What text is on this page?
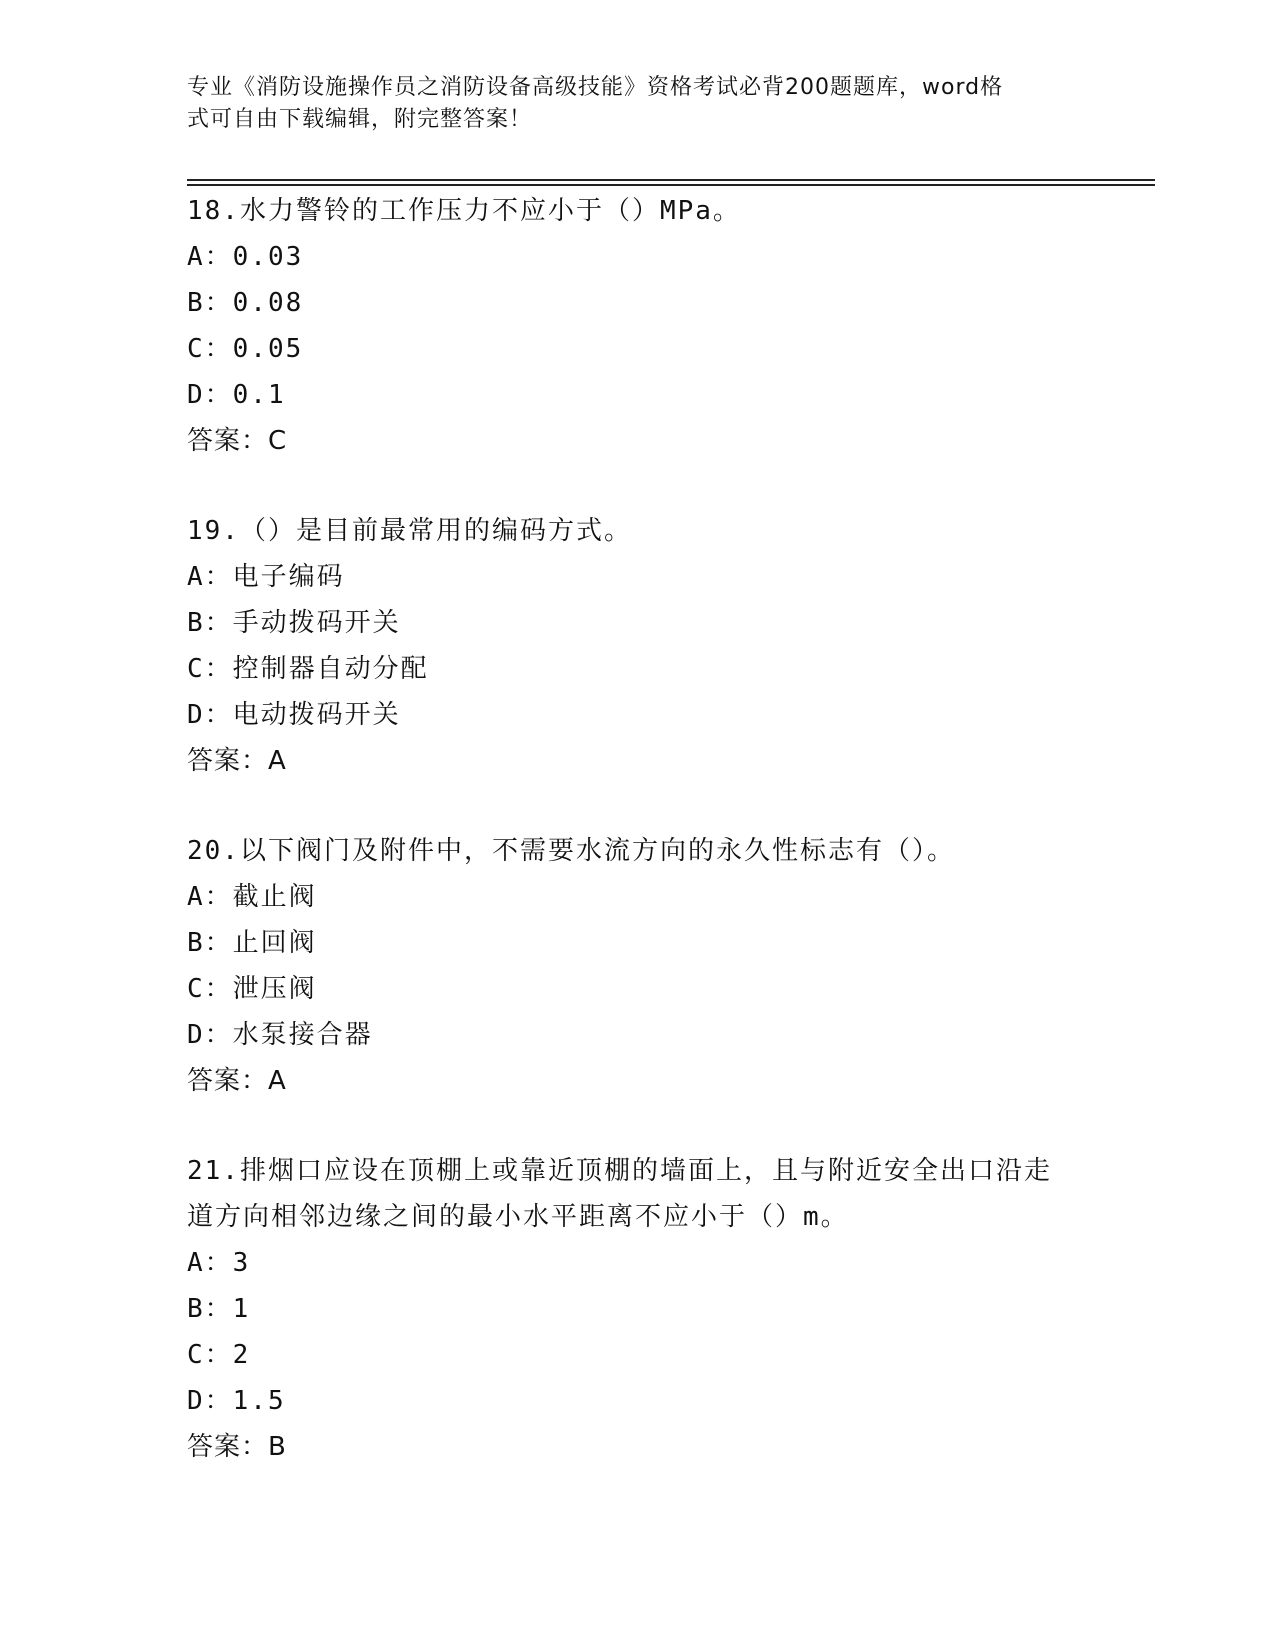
专业《消防设施操作员之消防设备高级技能》资格考试必背200题题库，word格
式可自由下载编辑，附完整答案！
18.水力警铃的工作压力不应小于（）MPa。
A：0.03
B：0.08
C：0.05
D：0.1
答案：C
19.（）是目前最常用的编码方式。
A：电子编码
B：手动拨码开关
C：控制器自动分配
D：电动拨码开关
答案：A
20.以下阀门及附件中，不需要水流方向的永久性标志有（）。
A：截止阀
B：止回阀
C：泄压阀
D：水泵接合器
答案：A
21.排烟口应设在顶棚上或靠近顶棚的墙面上，且与附近安全出口沿走
道方向相邻边缘之间的最小水平距离不应小于（）m。
A：3
B：1
C：2
D：1.5
答案：B
